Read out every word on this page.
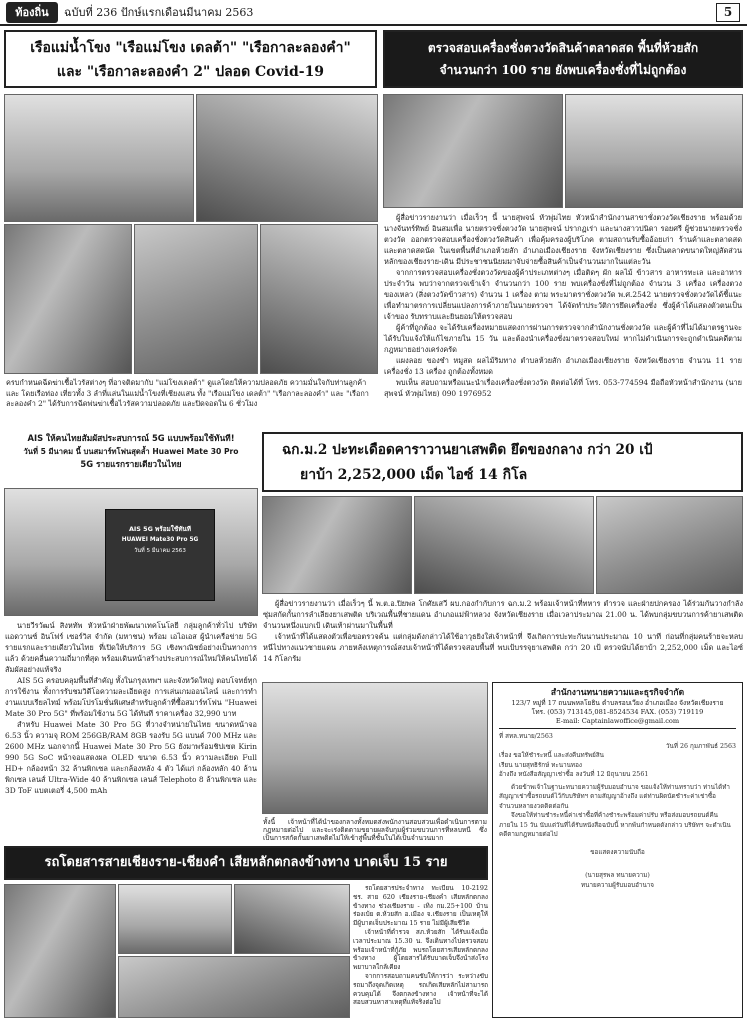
ท้องถิ่น	ฉบับที่ 236 ปักษ์แรกเดือนมีนาคม 2563	5
เรือแม่น้ำโขง "เรือแม่โขง เดลต้า" "เรือกาละลองคำ"
และ "เรือกาละลองคำ 2" ปลอด Covid-19
ครบกำหนดฉีดฆ่าเชื้อไวรัสต่างๆ ที่อาจติดมากับ "แม่โขงเดลต้า" ดูแลโดยให้ความปลอดภัย ความมั่นใจกับท่านลูกค้าและ โดยเรือท่อง เที่ยวทั้ง 3 ลำที่แล่นในแม่น้ำโขงที่เชียงแสน ทั้ง "เรือแม่โขง เดลต้า" "เรือกาละลองคำ" และ "เรือกาละลองคำ 2" ได้รับการฉีดพ่นฆ่าเชื้อไวรัสความปลอดภัย และปิดจอดใน 6 ชั่วโมง
ตรวจสอบเครื่องชั่งตวงวัดสินค้าตลาดสด พื้นที่ห้วยสัก
จำนวนกว่า 100 ราย ยังพบเครื่องชั่งที่ไม่ถูกต้อง
ผู้สื่อข่าวรายงานว่า เมื่อเร็วๆ นี้ นายสุพจน์ หัวพุ่มไทย หัวหน้าสำนักงานสาขาชั่งตวงวัดเชียงราย พร้อมด้วย นางจันทร์ทิพย์ อินสมเพื่อ นายตรวจชั่งตวงวัด นายสุพจน์ ปรากฏเร่า และนางสาวปนิดา รอยศรี ผู้ช่วยนายตรวจชั่งตวงวัด ออกตรวจสอบเครื่องชั่งตวงวัดสินค้า เพื่อคุ้มครองผู้บริโภค ตามสถานรับซื้ออ้อยเก่า ร้านค้าและตลาดสด และตลาดสดนัด ในเขตพื้นที่อำเภอห้วยสัก อำเภอเมืองเชียงราย จังหวัดเชียงราย ซึ่งเป็นตลาดขนาดใหญ่สัดส่วนหลักของเชียงราย-เดิน มีประชาชนนิยมมาจับจ่ายซื้อสินค้าเป็นจำนวนมากในแต่ละวัน
จากการตรวจสอบเครื่องชั่งตวงวัดของผู้ค้าประเภทต่างๆ เมื่อติดๆ ผัก ผลไม้ ข้าวสาร อาหารทะเล และอาหารประจำวัน พบว่าจากตรวจเข้าเจ้า จำนวนกว่า 100 ราย พบเครื่องชั่งที่ไม่ถูกต้อง จำนวน 3 เครื่อง เครื่องตวงของเหลว (สิ่งตวงวัดข้าวสาร) จำนวน 1 เครื่อง ตาม พระมาตราชั่งตวงวัด พ.ศ.2542 นายตรวจชั่งตวงวัดได้ชี้แนะเพื่อทำมาตรการเปลี่ยนแปลงการค้าภายในนายตรวจฯ ได้จัดทำประวัติการยึดเครื่องชั่ง ซึ่งผู้ค้าได้แสดงตัวตนเป็นเจ้าของ รับทราบและยินยอมให้ตรวจสอบ
ผู้ค้าที่ถูกต้อง จะได้รับเครื่องหมายแสดงการผ่านการตรวจจากสำนักงานชั่งตวงวัด และผู้ค้าที่ไม่ได้มาตรฐานจะได้รับใบแจ้งให้แก้ไขภายใน 15 วัน และต้องนำเครื่องชั่งมาตรวจสอบใหม่ หากไม่ดำเนินการจะถูกดำเนินคดีตามกฎหมายอย่างเคร่งครัด
แผงลอย ของชำ หมูสด ผลไม้ริมทาง ตำบลห้วยสัก อำเภอเมืองเชียงราย จังหวัดเชียงราย จำนวน 11 ราย เครื่องชั่ง 13 เครื่อง ถูกต้องทั้งหมด
พบเห็น สอบถามหรือแนะนำเรื่องเครื่องชั่งตวงวัด ติดต่อได้ที่ โทร. 053-774594 มือถือหัวหน้าสำนักงาน (นายสุพจน์ หัวพุ่มไทย) 090 1976952
AIS ให้คนไทยสัมผัสประสบการณ์ 5G แบบพร้อมใช้ทันที!
วันที่ 5 มีนาคม นี้ บนสมาร์ทโฟนสุดล้ำ Huawei Mate 30 Pro
5G รายแรกรายเดียวในไทย
AIS 5G พร้อมใช้ทันที
HUAWEI Mate30 Pro 5G
วันที่ 5 มีนาคม 2563
นายวีรวัฒน์ สิงหทัพ หัวหน้าฝ่ายพัฒนาเทคโนโลยี กลุ่มลูกค้าทั่วไป บริษัท แอดวานซ์ อินโฟร์ เซอร์วิส จำกัด (มหาชน) พร้อม เอไอเอส ผู้นำเครือข่าย 5G รายแรกและรายเดียวในไทย ที่เปิดให้บริการ 5G เชิงพาณิชย์อย่างเป็นทางการแล้ว ด้วยคลื่นความถี่มากที่สุด พร้อมเดินหน้าสร้างประสบการณ์ใหม่ให้คนไทยได้สัมผัสอย่างแท้จริง
AIS 5G ครอบคลุมพื้นที่สำคัญ ทั้งในกรุงเทพฯ และจังหวัดใหญ่ ตอบโจทย์ทุกการใช้งาน ทั้งการรับชมวิดีโอความละเอียดสูง การเล่นเกมออนไลน์ และการทำงานแบบเรียลไทม์ พร้อมโปรโมชั่นพิเศษสำหรับลูกค้าที่ซื้อสมาร์ทโฟน "Huawei Mate 30 Pro 5G" ที่พร้อมใช้งาน 5G ได้ทันที ราคาเครื่อง 32,990 บาท
สำหรับ Huawei Mate 30 Pro 5G ที่วางจำหน่ายในไทย ขนาดหน้าจอ 6.53 นิ้ว ความจุ ROM 256GB/RAM 8GB รองรับ 5G แบนด์ 700 MHz และ 2600 MHz นอกจากนี้ Huawei Mate 30 Pro 5G ยังมาพร้อมชิปเซต Kirin 990 5G SoC หน้าจอแสดงผล OLED ขนาด 6.53 นิ้ว ความละเอียด Full HD+ กล้องหน้า 32 ล้านพิกเซล และกล้องหลัง 4 ตัว ได้แก่ กล้องหลัก 40 ล้านพิกเซล เลนส์ Ultra-Wide 40 ล้านพิกเซล เลนส์ Telephoto 8 ล้านพิกเซล และ 3D ToF แบตเตอรี่ 4,500 mAh
ฉก.ม.2 ปะทะเดือดคาราวานยาเสพติด ยึดของกลาง กว่า 20 เป้
ยาบ้า 2,252,000 เม็ด ไอซ์ 14 กิโล
ผู้สื่อข่าวรายงานว่า เมื่อเร็วๆ นี้ พ.ต.อ.ปิยพล โกศัยเสวี ผบ.กองกำกับการ ฉก.ม.2 พร้อมเจ้าหน้าที่ทหาร ตำรวจ และฝ่ายปกครอง ได้ร่วมกันวางกำลังซุ่มสกัดกั้นการลำเลียงยาเสพติด บริเวณพื้นที่ชายแดน อำเภอแม่ฟ้าหลวง จังหวัดเชียงราย เมื่อเวลาประมาณ 21.00 น. ได้พบกลุ่มขบวนการค้ายาเสพติดจำนวนหนึ่งแบกเป้ เดินเท้าผ่านมาในพื้นที่
เจ้าหน้าที่ได้แสดงตัวเพื่อขอตรวจค้น แต่กลุ่มดังกล่าวได้ใช้อาวุธยิงใส่เจ้าหน้าที่ จึงเกิดการปะทะกันนานประมาณ 10 นาที ก่อนที่กลุ่มคนร้ายจะหลบหนีไปทางแนวชายแดน ภายหลังเหตุการณ์สงบเจ้าหน้าที่ได้ตรวจสอบพื้นที่ พบเป้บรรจุยาเสพติด กว่า 20 เป้ ตรวจนับได้ยาบ้า 2,252,000 เม็ด และไอซ์ 14 กิโลกรัม
ทั้งนี้ เจ้าหน้าที่ได้นำของกลางทั้งหมดส่งพนักงานสอบสวนเพื่อดำเนินการตามกฎหมายต่อไป และจะเร่งติดตามขยายผลจับกุมผู้ร่วมขบวนการที่หลบหนี ซึ่งเป็นการสกัดกั้นยาเสพติดไม่ให้เข้าสู่พื้นที่ชั้นในได้เป็นจำนวนมาก
สำนักงานทนายความและธุรกิจจำกัด
123/7 หมู่ที่ 17 ถนนพหลโยธิน ตำบลรอบเวียง อำเภอเมือง จังหวัดเชียงราย
โทร. (053) 713145,081-8524534 FAX. (053) 719119
E-mail: Captainlawoffice@gmail.com
ที่ สทล.ทนาย/2563
วันที่ 26 กุมภาพันธ์ 2563
เรื่อง ขอให้ชำระหนี้ และส่งคืนทรัพย์สิน
เรียน นายสุทธิรักษ์ ทะนานทอง
อ้างถึง หนังสือสัญญาเช่าซื้อ ลงวันที่ 12 มิถุนายน 2561
ด้วยข้าพเจ้าในฐานะทนายความผู้รับมอบอำนาจ ขอแจ้งให้ท่านทราบว่า ท่านได้ทำสัญญาเช่าซื้อรถยนต์ไว้กับบริษัทฯ ตามสัญญาอ้างถึง แต่ท่านผิดนัดชำระค่าเช่าซื้อ จำนวนหลายงวดติดต่อกัน
จึงขอให้ท่านชำระหนี้ค่าเช่าซื้อที่ค้างชำระพร้อมค่าปรับ หรือส่งมอบรถยนต์คืนภายใน 15 วัน นับแต่วันที่ได้รับหนังสือฉบับนี้ หากพ้นกำหนดดังกล่าว บริษัทฯ จะดำเนินคดีตามกฎหมายต่อไป
ขอแสดงความนับถือ
(นายสุรพล ทนายความ)
ทนายความผู้รับมอบอำนาจ
รถโดยสารสายเชียงราย-เชียงคำ เสียหลักตกลงข้างทาง บาดเจ็บ 15 ราย
รถโดยสารประจำทาง ทะเบียน 10-2192 ชร. สาย 620 เชียงราย-เชียงคำ เสียหลักตกลงข้างทาง ช่วงเชียงราย - เทิง กม.25+100 บ้านร่องเบ้ย ต.ห้วยสัก อ.เมือง จ.เชียงราย เป็นเหตุให้มีผู้บาดเจ็บประมาณ 15 ราย ไม่มีผู้เสียชีวิต
เจ้าหน้าที่ตำรวจ สภ.ห้วยสัก ได้รับแจ้งเมื่อเวลาประมาณ 15.30 น. จึงเดินทางไปตรวจสอบพร้อมเจ้าหน้าที่กู้ภัย พบรถโดยสารเสียหลักตกลงข้างทาง ผู้โดยสารได้รับบาดเจ็บจึงนำส่งโรงพยาบาลใกล้เคียง
จากการสอบถามคนขับให้การว่า ระหว่างขับรถมาถึงจุดเกิดเหตุ รถเกิดเสียหลักไม่สามารถควบคุมได้ จึงตกลงข้างทาง เจ้าหน้าที่จะได้สอบสวนหาสาเหตุที่แท้จริงต่อไป
